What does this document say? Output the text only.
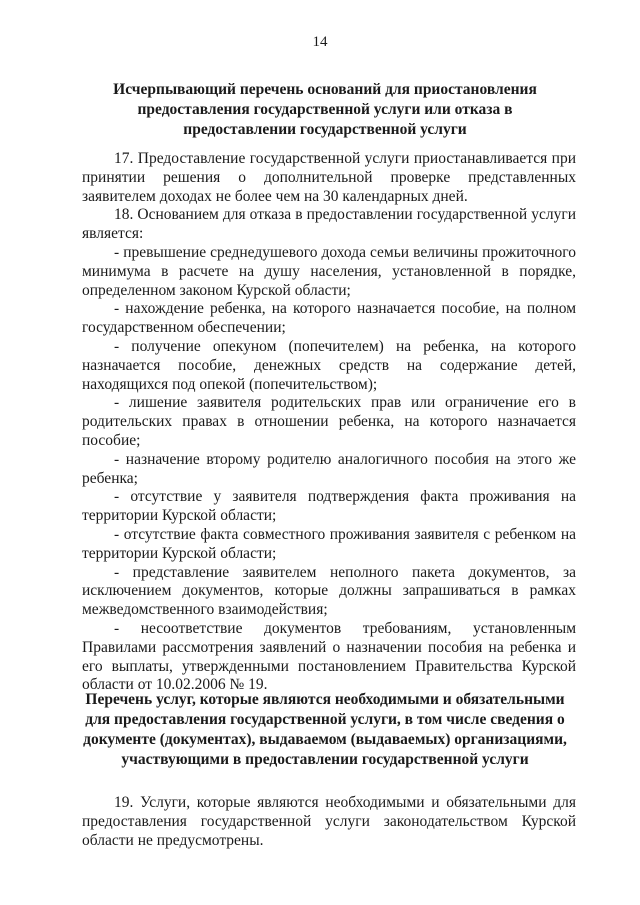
14
Исчерпывающий перечень оснований для приостановления предоставления государственной услуги или отказа в предоставлении государственной услуги

17. Предоставление государственной услуги приостанавливается при принятии решения о дополнительной проверке представленных заявителем доходах не более чем на 30 календарных дней.

18. Основанием для отказа в предоставлении государственной услуги является:

- превышение среднедушевого дохода семьи величины прожиточного минимума в расчете на душу населения, установленной в порядке, определенном законом Курской области;

- нахождение ребенка, на которого назначается пособие, на полном государственном обеспечении;

- получение опекуном (попечителем) на ребенка, на которого назначается пособие, денежных средств на содержание детей, находящихся под опекой (попечительством);

- лишение заявителя родительских прав или ограничение его в родительских правах в отношении ребенка, на которого назначается пособие;

- назначение второму родителю аналогичного пособия на этого же ребенка;

- отсутствие у заявителя подтверждения факта проживания на территории Курской области;

- отсутствие факта совместного проживания заявителя с ребенком на территории Курской области;

- представление заявителем неполного пакета документов, за исключением документов, которые должны запрашиваться в рамках межведомственного взаимодействия;

- несоответствие документов требованиям, установленным Правилами рассмотрения заявлений о назначении пособия на ребенка и его выплаты, утвержденными постановлением Правительства Курской области от 10.02.2006 № 19.

Перечень услуг, которые являются необходимыми и обязательными для предоставления государственной услуги, в том числе сведения о документе (документах), выдаваемом (выдаваемых) организациями, участвующими в предоставлении государственной услуги

19. Услуги, которые являются необходимыми и обязательными для предоставления государственной услуги законодательством Курской области не предусмотрены.
